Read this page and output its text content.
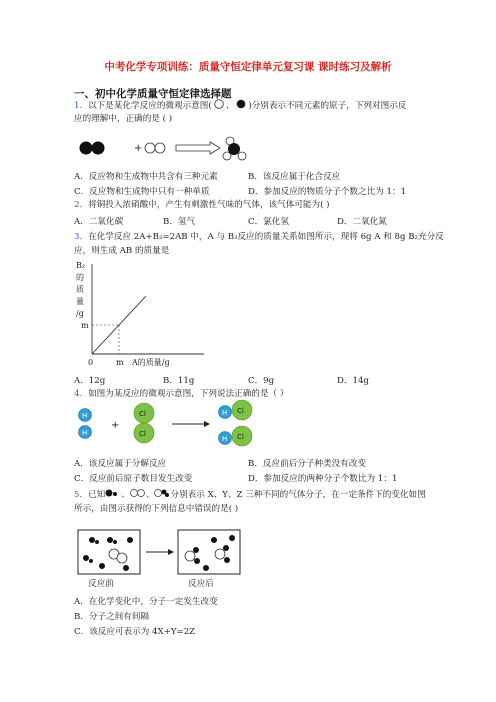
中考化学专项训练：质量守恒定律单元复习课 课时练习及解析
一、初中化学质量守恒定律选择题
1．以下是某化学反应的微观示意图( 、 )分别表示不同元素的原子，下列对图示反
应的理解中，正确的是 ( )
+
A．反应物和生成物中共含有三种元素	B．该反应属于化合反应
C．反应物和生成物中只有一种单质	D．参加反应的物质分子个数之比为 1：1
2．将铜投入浓硝酸中，产生有刺激性气味的气体，该气体可能为( )
A．二氧化碳	B．氢气	C．氯化氢	D．二氧化氮
3．在化学反应 2A+B₂=2AB 中，A 与 B₂反应的质量关系如图所示，现将 6g A 和 8g B₂充分反
应，则生成 AB 的质量是
B₂
的
质
量
/g
m
0	m A的质量/g
A．12g	B．11g	C．9g	D．14g
4．如图为某反应的微观示意图，下列说法正确的是（ ）
H
H
+
Cl
Cl
H Cl
H Cl
A．该反应属于分解反应	B．反应前后分子种类没有改变
C．反应前后原子数目发生改变	D．参加反应的两种分子个数比为 1：1
5．已知 、 、 分别表示 X、Y、Z 三种不同的气体分子，在一定条件下的变化如图
所示，由图示获得的下列信息中错误的是( )
反应前	反应后
A．在化学变化中，分子一定发生改变
B．分子之间有间隔
C．该反应可表示为 4X+Y=2Z
